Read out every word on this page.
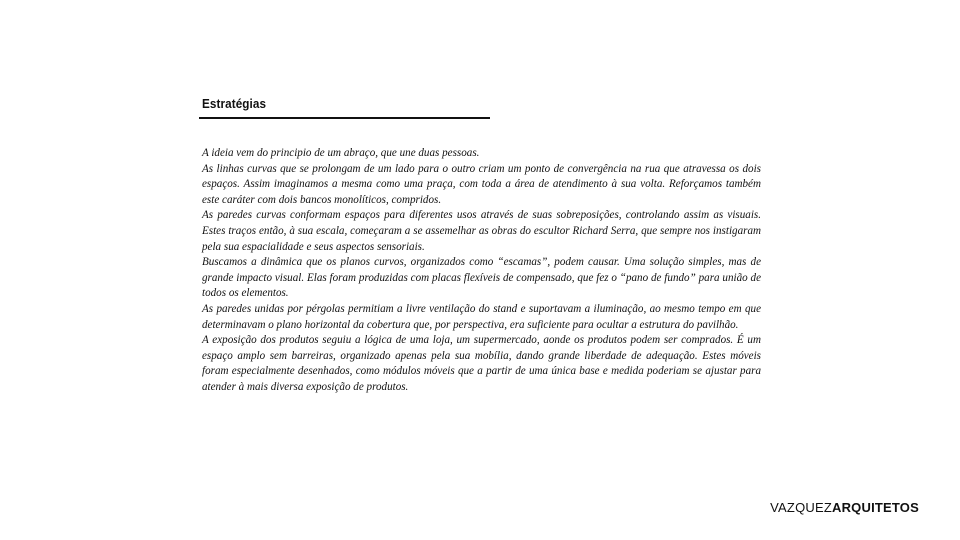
Estratégias

A ideia vem do principio de um abraço, que une duas pessoas.

As linhas curvas que se prolongam de um lado para o outro criam um ponto de convergência na rua que atravessa os dois espaços. Assim imaginamos a mesma como uma praça, com toda a área de atendimento à sua volta. Reforçamos também este caráter com dois bancos monolíticos, compridos.

As paredes curvas conformam espaços para diferentes usos através de suas sobreposições, controlando assim as visuais. Estes traços então, à sua escala, começaram a se assemelhar as obras do escultor Richard Serra, que sempre nos instigaram pela sua espacialidade e seus aspectos sensoriais.

Buscamos a dinâmica que os planos curvos, organizados como “escamas”, podem causar. Uma solução simples, mas de grande impacto visual. Elas foram produzidas com placas flexíveis de compensado, que fez o “pano de fundo” para união de todos os elementos.

As paredes unidas por pérgolas permitiam a livre ventilação do stand e suportavam a iluminação, ao mesmo tempo em que determinavam o plano horizontal da cobertura que, por perspectiva, era suficiente para ocultar a estrutura do pavilhão.

A exposição dos produtos seguiu a lógica de uma loja, um supermercado, aonde os produtos podem ser comprados. É um espaço amplo sem barreiras, organizado apenas pela sua mobília, dando grande liberdade de adequação. Estes móveis foram especialmente desenhados, como módulos móveis que a partir de uma única base e medida poderiam se ajustar para atender à mais diversa exposição de produtos.

VAZQUEZARQUITETOS
